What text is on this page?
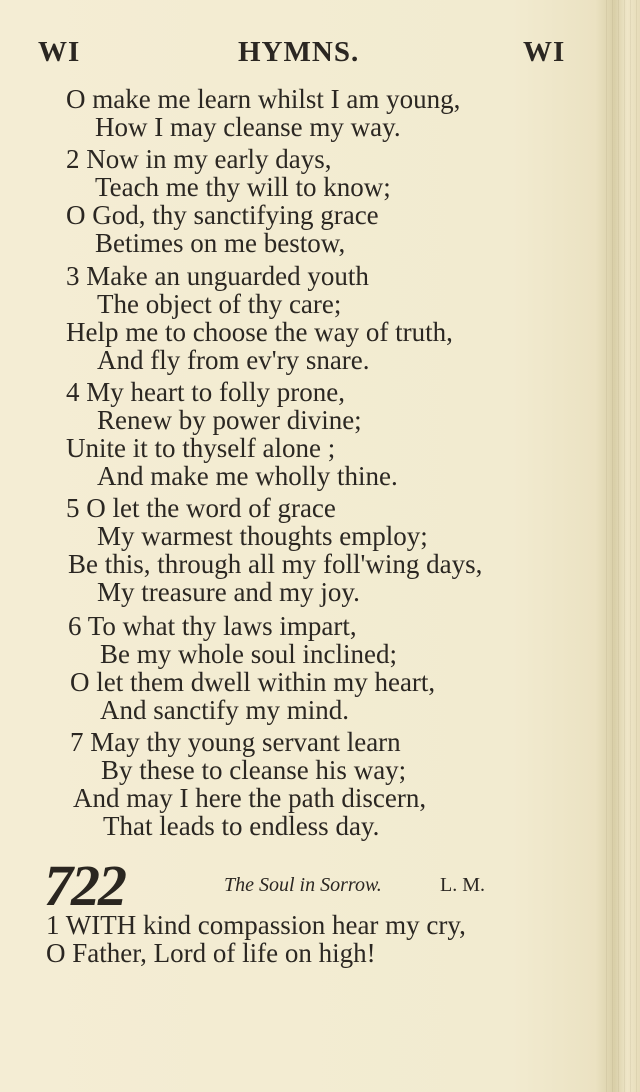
WI	HYMNS.	WI
O make me learn whilst I am young,
How I may cleanse my way.
2 Now in my early days,
Teach me thy will to know;
O God, thy sanctifying grace
Betimes on me bestow,
3 Make an unguarded youth
The object of thy care;
Help me to choose the way of truth,
And fly from ev'ry snare.
4 My heart to folly prone,
Renew by power divine;
Unite it to thyself alone ;
And make me wholly thine.
5 O let the word of grace
My warmest thoughts employ;
Be this, through all my foll'wing days,
My treasure and my joy.
6 To what thy laws impart,
Be my whole soul inclined;
O let them dwell within my heart,
And sanctify my mind.
7 May thy young servant learn
By these to cleanse his way;
And may I here the path discern,
That leads to endless day.
722	The Soul in Sorrow.	L. M.
1 WITH kind compassion hear my cry,
O Father, Lord of life on high!
